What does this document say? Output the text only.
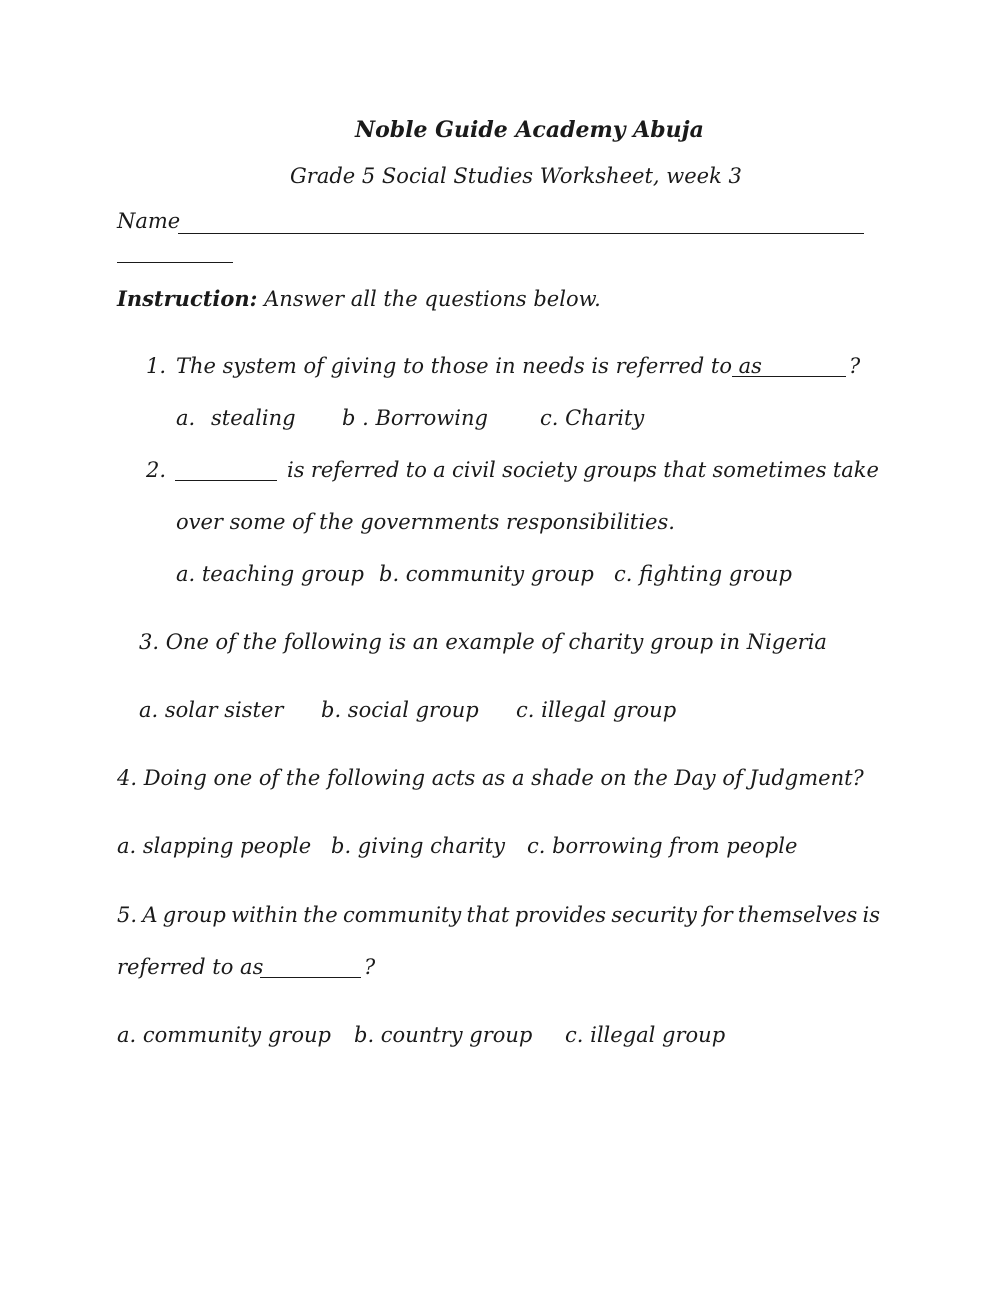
Noble Guide Academy Abuja
Grade 5 Social Studies Worksheet, week 3
Name
Instruction: Answer all the questions below.
1. The system of giving to those in needs is referred to as	?
a. stealing b . Borrowing c. Charity
2.	is referred to a civil society groups that sometimes take
over some of the governments responsibilities.
a. teaching group b. community group c. fighting group
3. One of the following is an example of charity group in Nigeria
a. solar sister b. social group c. illegal group
4. Doing one of the following acts as a shade on the Day of Judgment?
a. slapping people b. giving charity c. borrowing from people
5. A group within the community that provides security for themselves is
referred to as	?
a. community group b. country group c. illegal group
